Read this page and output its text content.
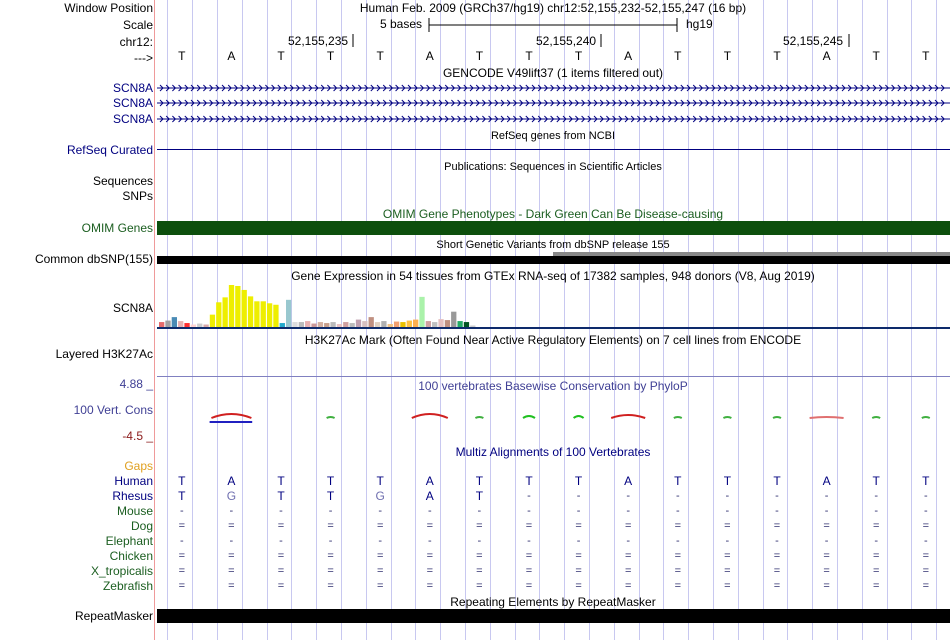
Window Position	Human Feb. 2009 (GRCh37/hg19) chr12:52,155,232-52,155,247 (16 bp)
Scale	5 bases	hg19
chr12:	52,155,235	52,155,240	52,155,245
--->	T	A	T	T	T	A	T	T	T	A	T	T	T	A	T	T
GENCODE V49lift37 (1 items filtered out)
SCN8A
SCN8A
SCN8A
RefSeq genes from NCBI
RefSeq Curated
Publications: Sequences in Scientific Articles
Sequences
SNPs
OMIM Gene Phenotypes - Dark Green Can Be Disease-causing
OMIM Genes
Short Genetic Variants from dbSNP release 155
Common dbSNP(155)
Gene Expression in 54 tissues from GTEx RNA-seq of 17382 samples, 948 donors (V8, Aug 2019)
SCN8A
H3K27Ac Mark (Often Found Near Active Regulatory Elements) on 7 cell lines from ENCODE
Layered H3K27Ac
100 vertebrates Basewise Conservation by PhyloP
4.88 _
100 Vert. Cons
-4.5 _
Multiz Alignments of 100 Vertebrates
Gaps
Human	T	A	T	T	T	A	T	T	T	A	T	T	T	A	T	T
Rhesus	T	G	T	T	G	A	T	-	-	-	-	-	-	-	-	-
Mouse	-	-	-	-	-	-	-	-	-	-	-	-	-	-	-	-
Dog	=	=	=	=	=	=	=	=	=	=	=	=	=	=	=	=
Elephant	-	-	-	-	-	-	-	-	-	-	-	-	-	-	-	-
Chicken	=	=	=	=	=	=	=	=	=	=	=	=	=	=	=	=
X_tropicalis	=	=	=	=	=	=	=	=	=	=	=	=	=	=	=	=
Zebrafish	=	=	=	=	=	=	=	=	=	=	=	=	=	=	=	=
Repeating Elements by RepeatMasker
RepeatMasker
